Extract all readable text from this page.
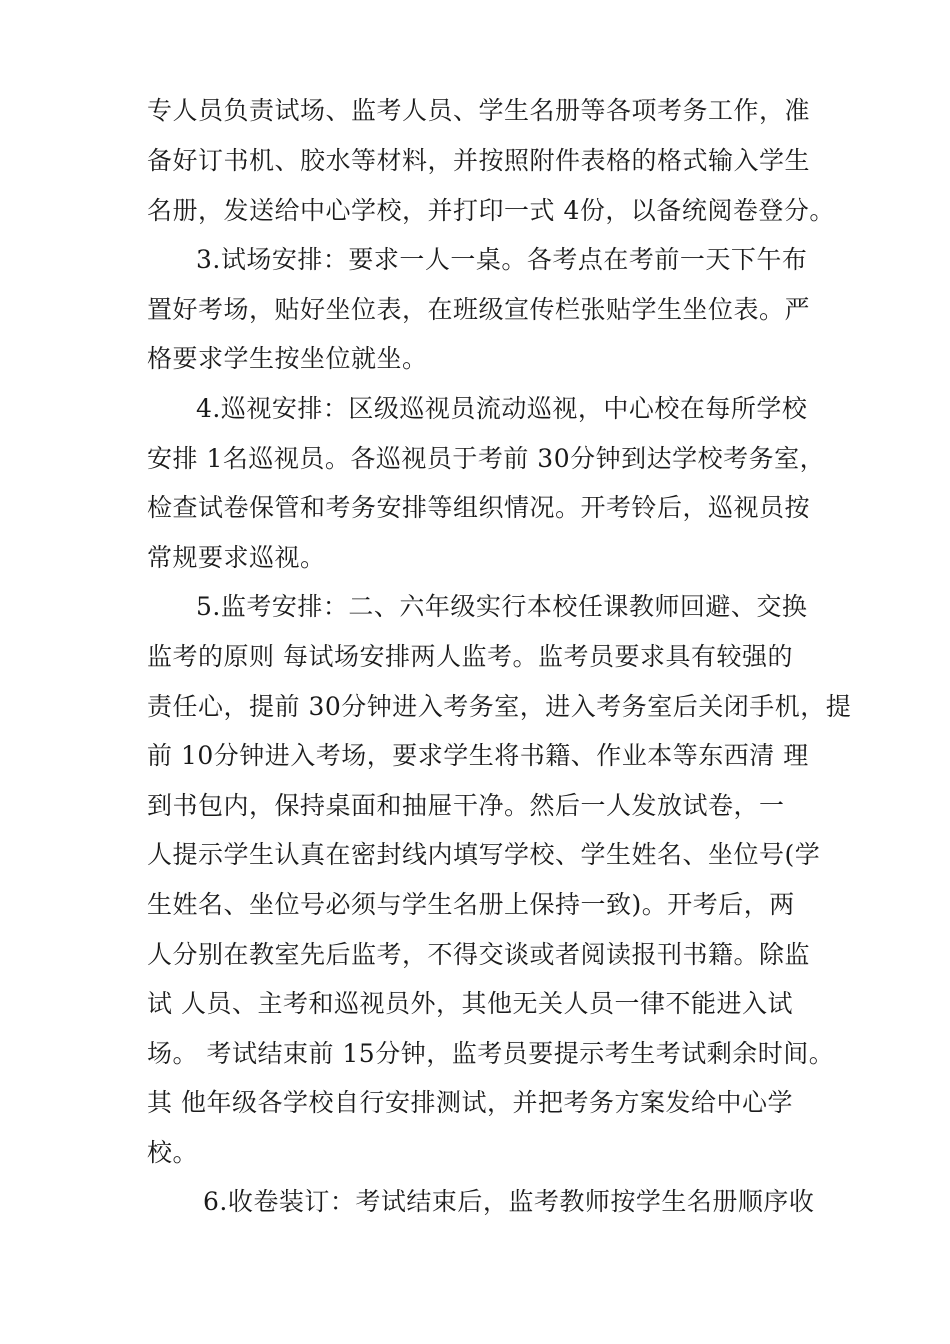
专人员负责试场、监考人员、学生名册等各项考务工作，准
备好订书机、胶水等材料，并按照附件表格的格式输入学生
名册，发送给中心学校，并打印一式 4份，以备统阅卷登分。
3.试场安排：要求一人一桌。各考点在考前一天下午布
置好考场，贴好坐位表，在班级宣传栏张贴学生坐位表。严
格要求学生按坐位就坐。
4.巡视安排：区级巡视员流动巡视，中心校在每所学校
安排 1名巡视员。各巡视员于考前 30分钟到达学校考务室，
检查试卷保管和考务安排等组织情况。开考铃后，巡视员按
常规要求巡视。
5.监考安排：二、六年级实行本校任课教师回避、交换
监考的原则 每试场安排两人监考。监考员要求具有较强的
责任心，提前 30分钟进入考务室，进入考务室后关闭手机，提
前 10分钟进入考场，要求学生将书籍、作业本等东西清 理
到书包内，保持桌面和抽屉干净。然后一人发放试卷，一
人提示学生认真在密封线内填写学校、学生姓名、坐位号(学
生姓名、坐位号必须与学生名册上保持一致)。开考后，两
人分别在教室先后监考，不得交谈或者阅读报刊书籍。除监
试 人员、主考和巡视员外，其他无关人员一律不能进入试
场。 考试结束前 15分钟，监考员要提示考生考试剩余时间。
其 他年级各学校自行安排测试，并把考务方案发给中心学
校。
6.收卷装订：考试结束后，监考教师按学生名册顺序收
